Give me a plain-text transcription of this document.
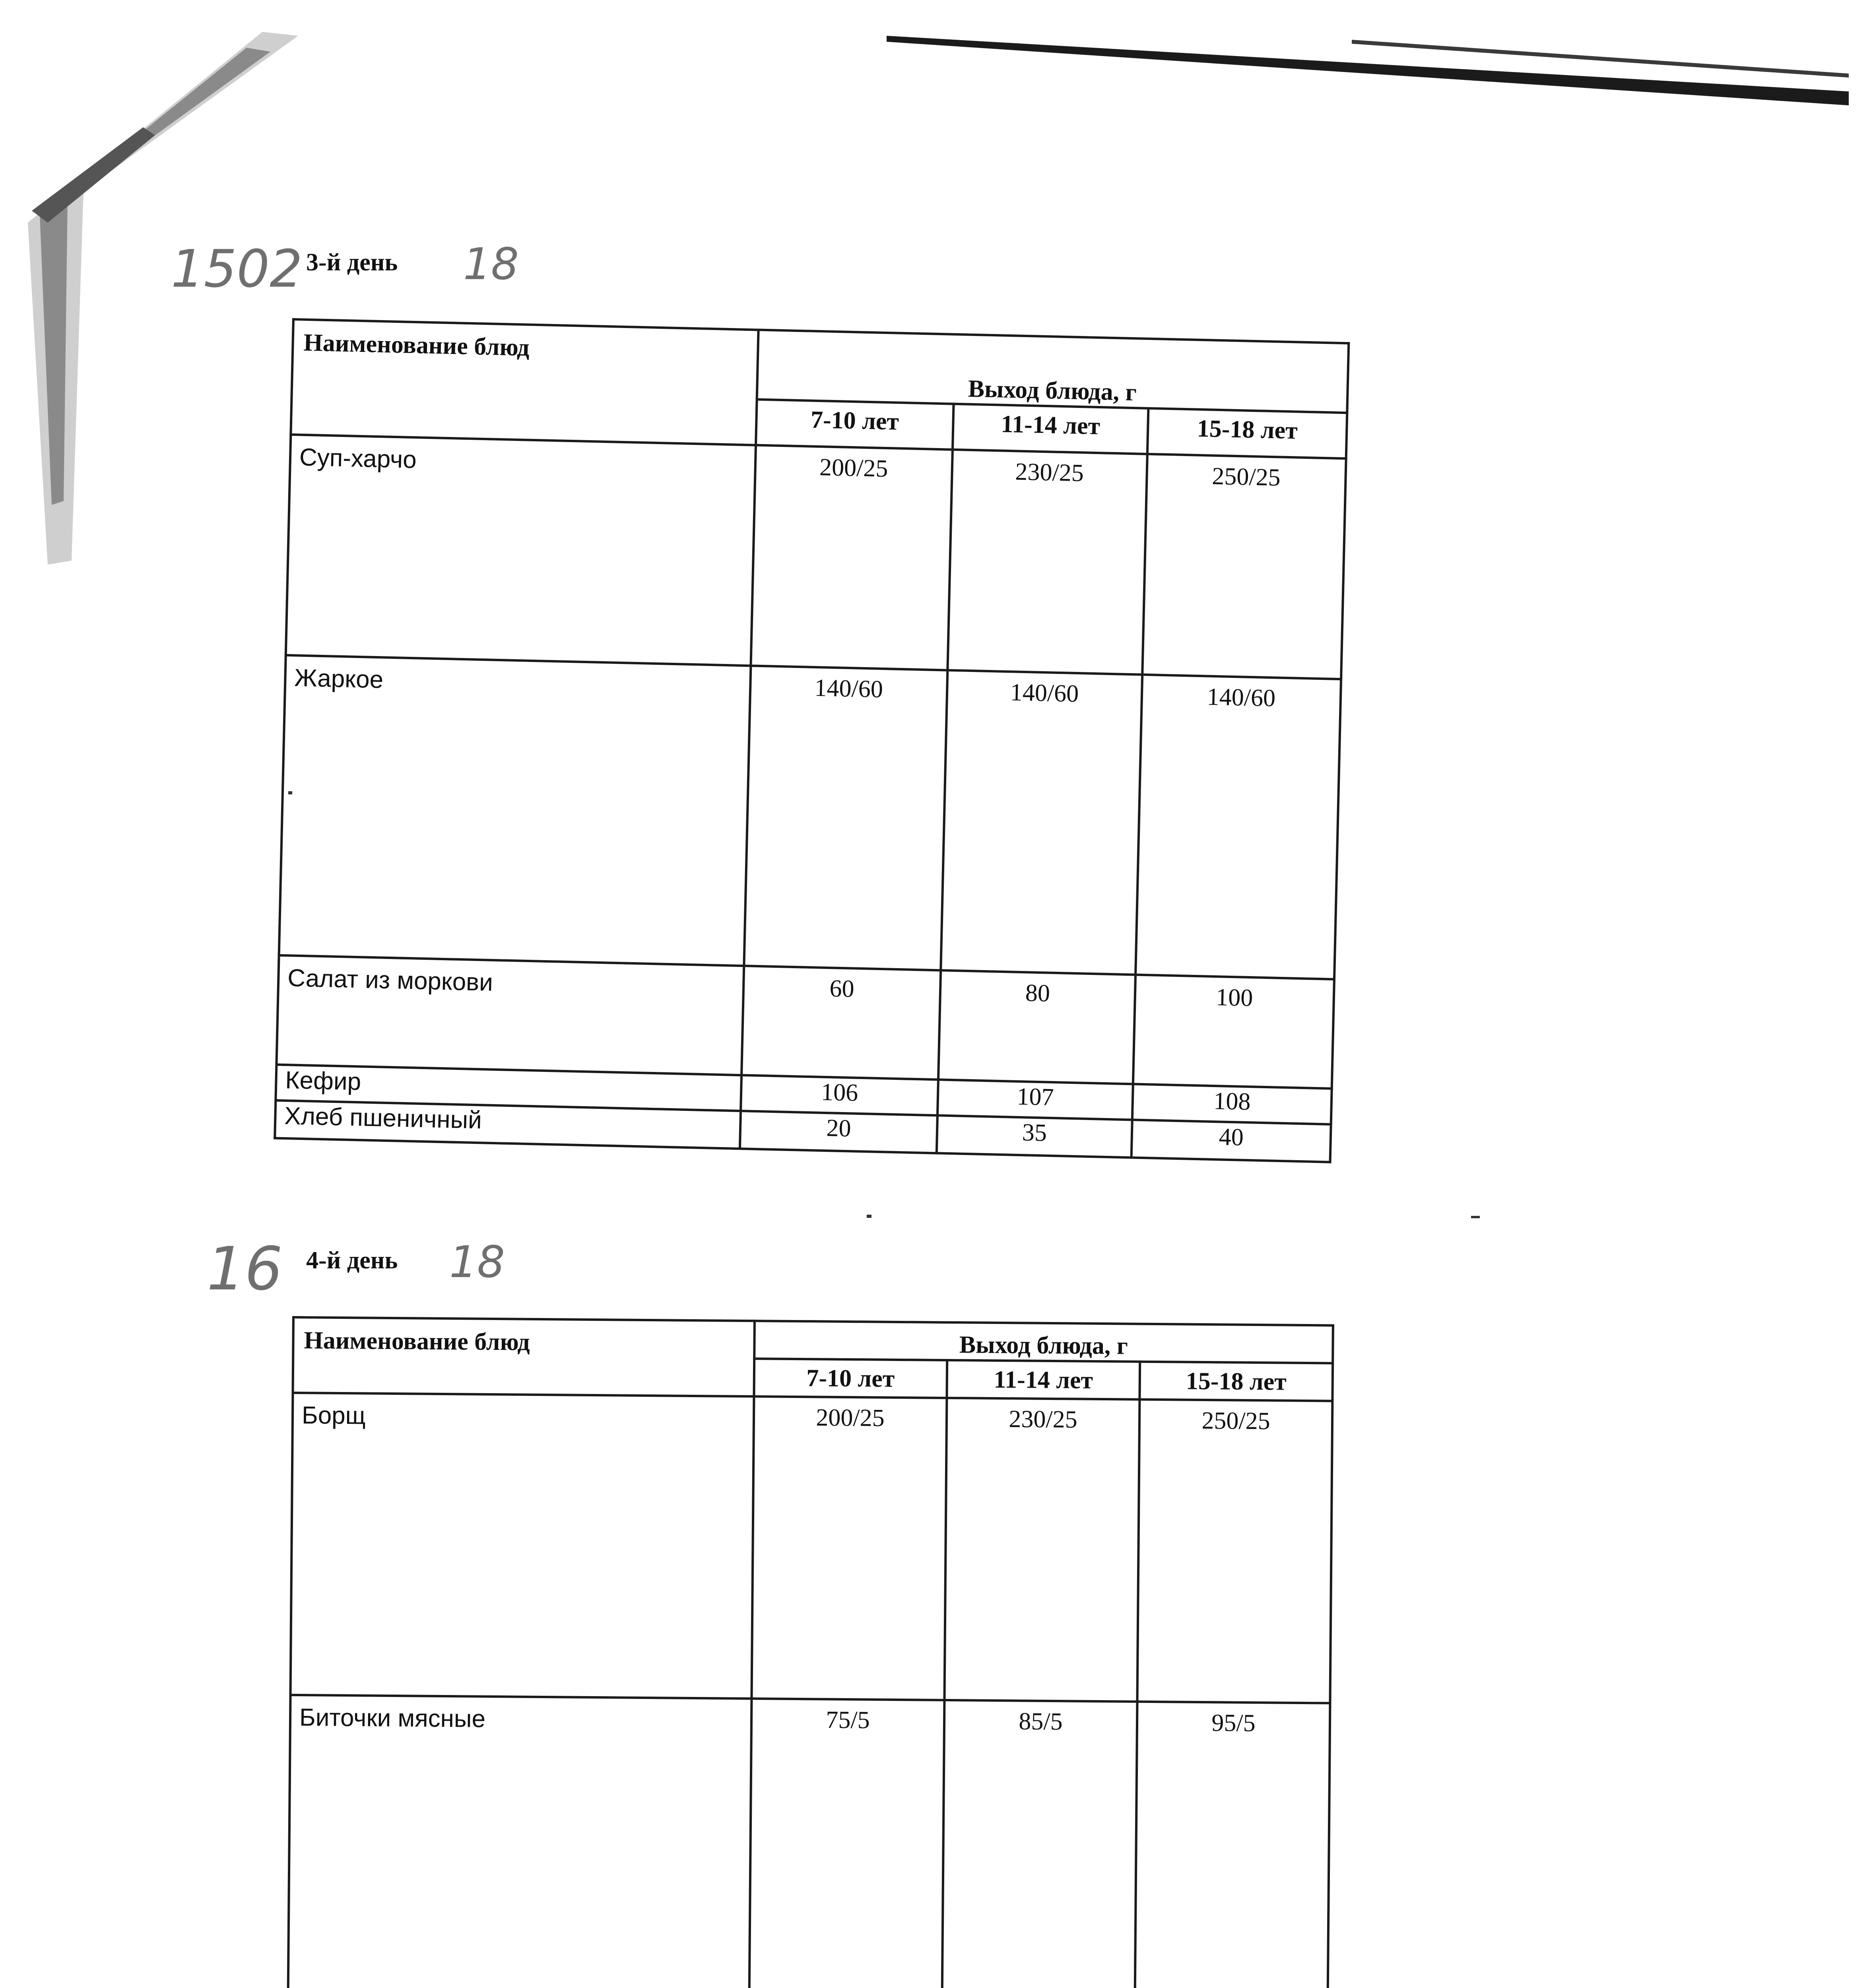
1502 3-й день 18
Наименование блюд	Выход блюда, г		
	7-10 лет	11-14 лет	15-18 лет
Суп-харчо	200/25	230/25	250/25
Жаркое	140/60	140/60	140/60
Салат из моркови	60	80	100
Кефир	106	107	108
Хлеб пшеничный	20	35	40
16 4-й день 18
Наименование блюд	Выход блюда, г		
	7-10 лет	11-14 лет	15-18 лет
Борщ	200/25	230/25	250/25
Биточки мясные	75/5	85/5	95/5
